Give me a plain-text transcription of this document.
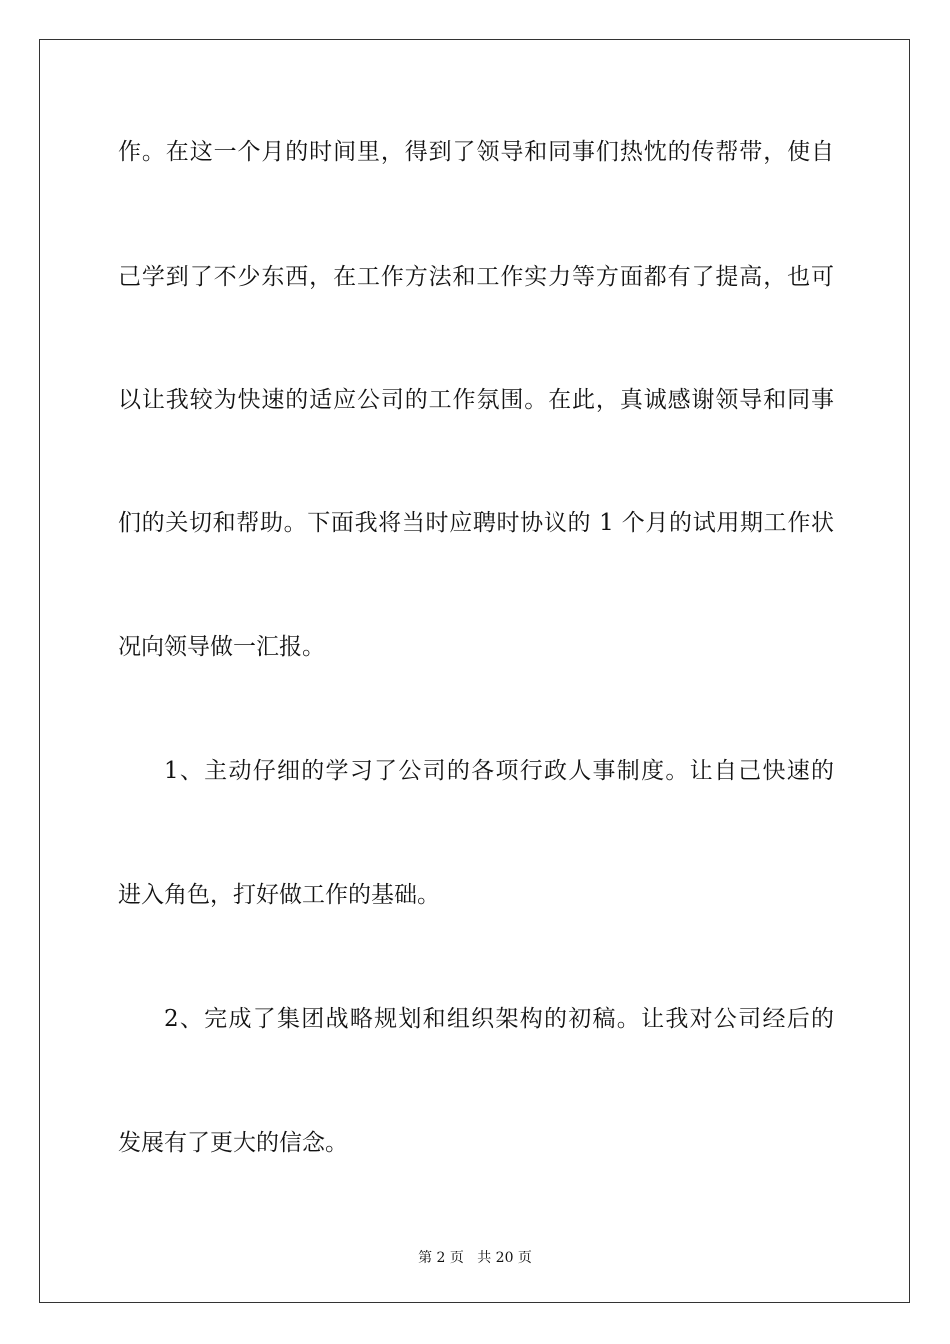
作。在这一个月的时间里，得到了领导和同事们热忱的传帮带，使自
己学到了不少东西，在工作方法和工作实力等方面都有了提高，也可
以让我较为快速的适应公司的工作氛围。在此，真诚感谢领导和同事
们的关切和帮助。下面我将当时应聘时协议的 1 个月的试用期工作状
况向领导做一汇报。
1、主动仔细的学习了公司的各项行政人事制度。让自己快速的
进入角色，打好做工作的基础。
2、完成了集团战略规划和组织架构的初稿。让我对公司经后的
发展有了更大的信念。
第 2 页   共 20 页
